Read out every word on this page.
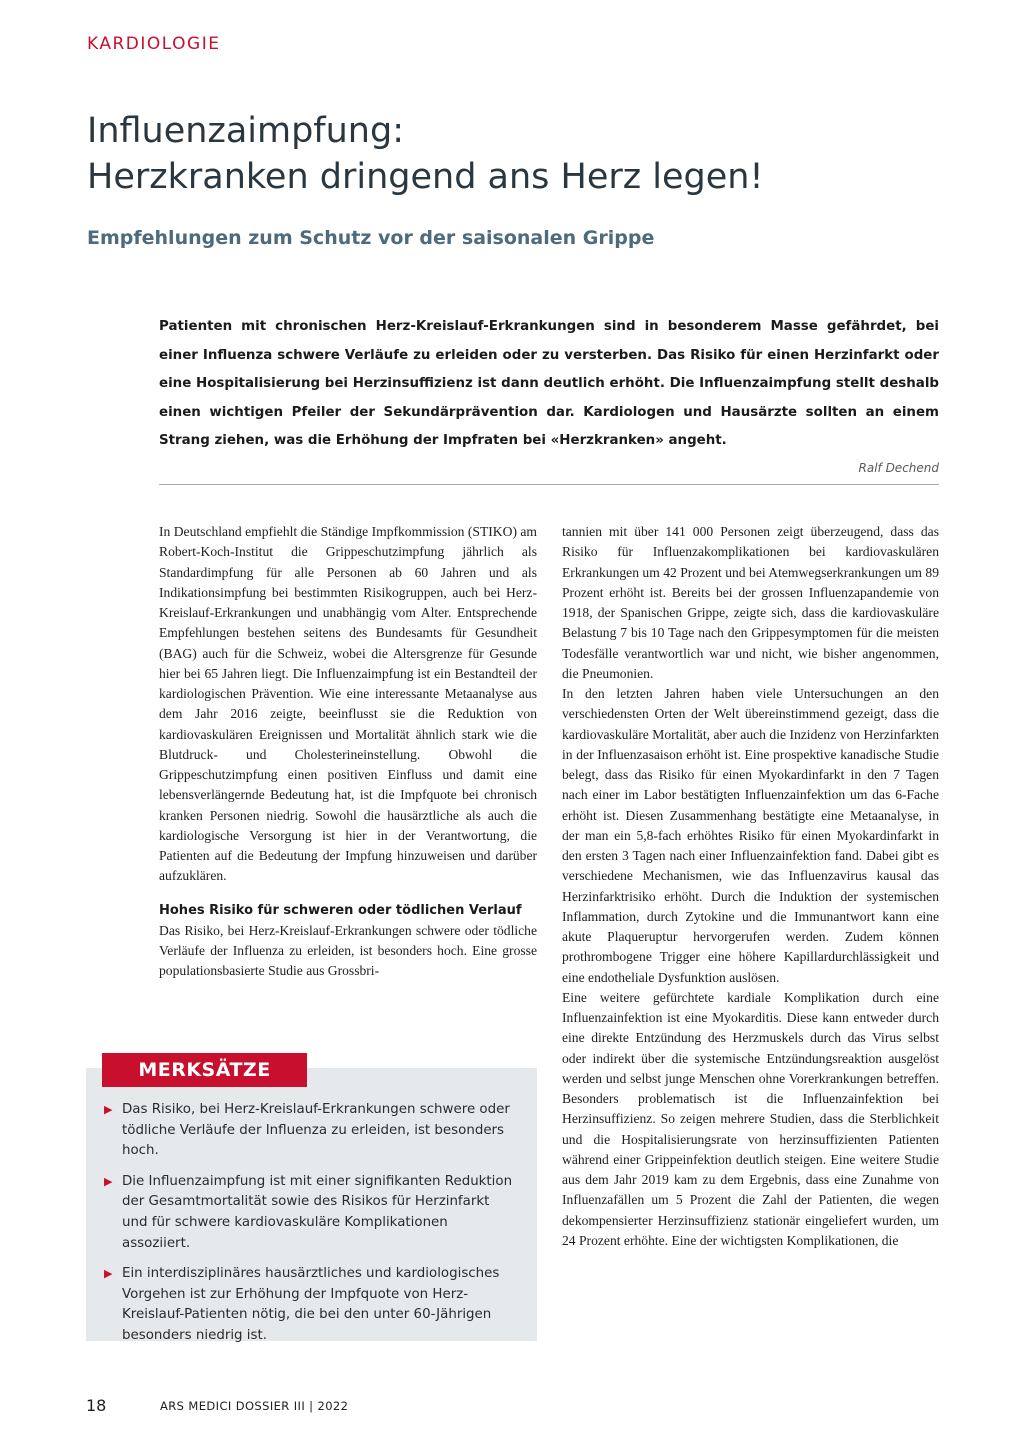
KARDIOLOGIE
Influenzaimpfung:
Herzkranken dringend ans Herz legen!
Empfehlungen zum Schutz vor der saisonalen Grippe

Patienten mit chronischen Herz-Kreislauf-Erkrankungen sind in besonderem Masse gefährdet, bei einer Influenza schwere Verläufe zu erleiden oder zu versterben. Das Risiko für einen Herzinfarkt oder eine Hospitalisierung bei Herzinsuffizienz ist dann deutlich erhöht. Die Influenzaimpfung stellt deshalb einen wichtigen Pfeiler der Sekundärprävention dar. Kardiologen und Hausärzte sollten an einem Strang ziehen, was die Erhöhung der Impfraten bei «Herzkranken» angeht.

Ralf Dechend

In Deutschland empfiehlt die Ständige Impfkommission (STIKO) am Robert-Koch-Institut die Grippeschutzimpfung jährlich als Standardimpfung für alle Personen ab 60 Jahren und als Indikationsimpfung bei bestimmten Risikogruppen, auch bei Herz-Kreislauf-Erkrankungen und unabhängig vom Alter. Entsprechende Empfehlungen bestehen seitens des Bundesamts für Gesundheit (BAG) auch für die Schweiz, wobei die Altersgrenze für Gesunde hier bei 65 Jahren liegt. Die Influenzaimpfung ist ein Bestandteil der kardiologischen Prävention. Wie eine interessante Metaanalyse aus dem Jahr 2016 zeigte, beeinflusst sie die Reduktion von kardiovaskulären Ereignissen und Mortalität ähnlich stark wie die Blutdruck- und Cholesterineinstellung. Obwohl die Grippeschutzimpfung einen positiven Einfluss und damit eine lebensverlängernde Bedeutung hat, ist die Impfquote bei chronisch kranken Personen niedrig. Sowohl die hausärztliche als auch die kardiologische Versorgung ist hier in der Verantwortung, die Patienten auf die Bedeutung der Impfung hinzuweisen und darüber aufzuklären.

Hohes Risiko für schweren oder tödlichen Verlauf

Das Risiko, bei Herz-Kreislauf-Erkrankungen schwere oder tödliche Verläufe der Influenza zu erleiden, ist besonders hoch. Eine grosse populationsbasierte Studie aus Grossbri-

tannien mit über 141 000 Personen zeigt überzeugend, dass das Risiko für Influenzakomplikationen bei kardiovaskulären Erkrankungen um 42 Prozent und bei Atemwegserkrankungen um 89 Prozent erhöht ist. Bereits bei der grossen Influenzapandemie von 1918, der Spanischen Grippe, zeigte sich, dass die kardiovaskuläre Belastung 7 bis 10 Tage nach den Grippesymptomen für die meisten Todesfälle verantwortlich war und nicht, wie bisher angenommen, die Pneumonien.

In den letzten Jahren haben viele Untersuchungen an den verschiedensten Orten der Welt übereinstimmend gezeigt, dass die kardiovaskuläre Mortalität, aber auch die Inzidenz von Herzinfarkten in der Influenzasaison erhöht ist. Eine prospektive kanadische Studie belegt, dass das Risiko für einen Myokardinfarkt in den 7 Tagen nach einer im Labor bestätigten Influenzainfektion um das 6-Fache erhöht ist. Diesen Zusammenhang bestätigte eine Metaanalyse, in der man ein 5,8-fach erhöhtes Risiko für einen Myokardinfarkt in den ersten 3 Tagen nach einer Influenzainfektion fand. Dabei gibt es verschiedene Mechanismen, wie das Influenzavirus kausal das Herzinfarktrisiko erhöht. Durch die Induktion der systemischen Inflammation, durch Zytokine und die Immunantwort kann eine akute Plaqueruptur hervorgerufen werden. Zudem können prothrombogene Trigger eine höhere Kapillardurchlässigkeit und eine endotheliale Dysfunktion auslösen.

Eine weitere gefürchtete kardiale Komplikation durch eine Influenzainfektion ist eine Myokarditis. Diese kann entweder durch eine direkte Entzündung des Herzmuskels durch das Virus selbst oder indirekt über die systemische Entzündungsreaktion ausgelöst werden und selbst junge Menschen ohne Vorerkrankungen betreffen. Besonders problematisch ist die Influenzainfektion bei Herzinsuffizienz. So zeigen mehrere Studien, dass die Sterblichkeit und die Hospitalisierungsrate von herzinsuffizienten Patienten während einer Grippeinfektion deutlich steigen. Eine weitere Studie aus dem Jahr 2019 kam zu dem Ergebnis, dass eine Zunahme von Influenzafällen um 5 Prozent die Zahl der Patienten, die wegen dekompensierter Herzinsuffizienz stationär eingeliefert wurden, um 24 Prozent erhöhte. Eine der wichtigsten Komplikationen, die

MERKSÄTZE
▶ Das Risiko, bei Herz-Kreislauf-Erkrankungen schwere oder tödliche Verläufe der Influenza zu erleiden, ist besonders hoch.
▶ Die Influenzaimpfung ist mit einer signifikanten Reduktion der Gesamtmortalität sowie des Risikos für Herzinfarkt und für schwere kardiovaskuläre Komplikationen assoziiert.
▶ Ein interdisziplinäres hausärztliches und kardiologisches Vorgehen ist zur Erhöhung der Impfquote von Herz-Kreislauf-Patienten nötig, die bei den unter 60-Jährigen besonders niedrig ist.
18	ARS MEDICI DOSSIER III | 2022
